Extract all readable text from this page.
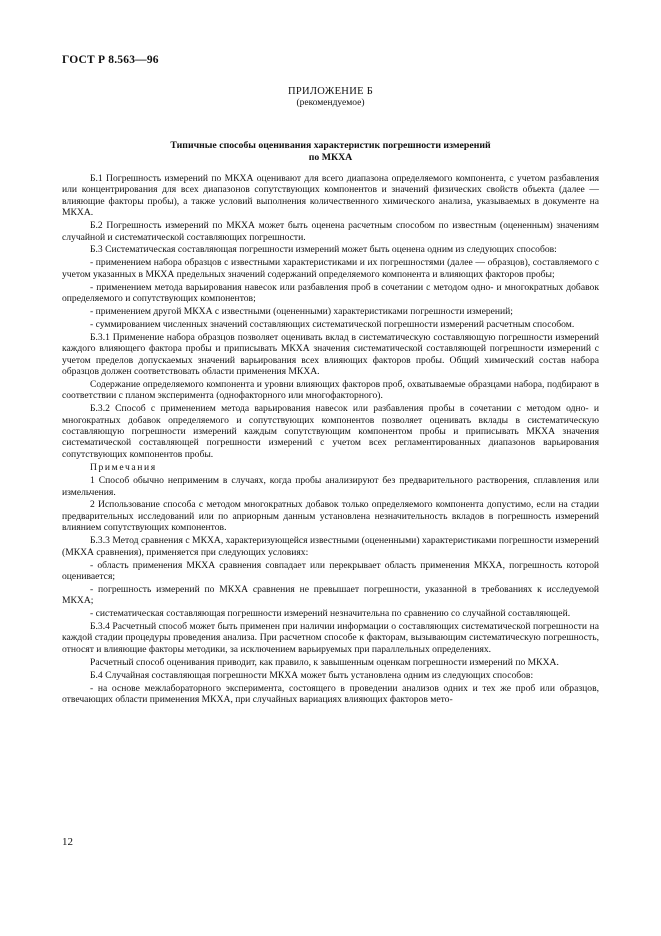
ГОСТ Р 8.563—96
ПРИЛОЖЕНИЕ Б
(рекомендуемое)
Типичные способы оценивания характеристик погрешности измерений
по МКХА

Б.1 Погрешность измерений по МКХА оценивают для всего диапазона определяемого компонента, с учетом разбавления или концентрирования для всех диапазонов сопутствующих компонентов и значений физических свойств объекта (далее — влияющие факторы пробы), а также условий выполнения количественного химического анализа, указываемых в документе на МКХА.

Б.2 Погрешность измерений по МКХА может быть оценена расчетным способом по известным (оцененным) значениям случайной и систематической составляющих погрешности.

Б.3 Систематическая составляющая погрешности измерений может быть оценена одним из следующих способов:

- применением набора образцов с известными характеристиками и их погрешностями (далее — образцов), составляемого с учетом указанных в МКХА предельных значений содержаний определяемого компонента и влияющих факторов пробы;

- применением метода варьирования навесок или разбавления проб в сочетании с методом одно- и многократных добавок определяемого и сопутствующих компонентов;

- применением другой МКХА с известными (оцененными) характеристиками погрешности измерений;

- суммированием численных значений составляющих систематической погрешности измерений расчетным способом.

Б.3.1 Применение набора образцов позволяет оценивать вклад в систематическую составляющую погрешности измерений каждого влияющего фактора пробы и приписывать МКХА значения систематической составляющей погрешности измерений с учетом пределов допускаемых значений варьирования всех влияющих факторов пробы. Общий химический состав набора образцов должен соответствовать области применения МКХА.

Содержание определяемого компонента и уровни влияющих факторов проб, охватываемые образцами набора, подбирают в соответствии с планом эксперимента (однофакторного или многофакторного).

Б.3.2 Способ с применением метода варьирования навесок или разбавления пробы в сочетании с методом одно- и многократных добавок определяемого и сопутствующих компонентов позволяет оценивать вклады в систематическую составляющую погрешности измерений каждым сопутствующим компонентом пробы и приписывать МКХА значения систематической составляющей погрешности измерений с учетом всех регламентированных диапазонов варьирования сопутствующих компонентов пробы.

Примечания

1 Способ обычно неприменим в случаях, когда пробы анализируют без предварительного растворения, сплавления или измельчения.

2 Использование способа с методом многократных добавок только определяемого компонента допустимо, если на стадии предварительных исследований или по априорным данным установлена незначительность вкладов в погрешность измерений влиянием сопутствующих компонентов.

Б.3.3 Метод сравнения с МКХА, характеризующейся известными (оцененными) характеристиками погрешности измерений (МКХА сравнения), применяется при следующих условиях:

- область применения МКХА сравнения совпадает или перекрывает область применения МКХА, погрешность которой оценивается;

- погрешность измерений по МКХА сравнения не превышает погрешности, указанной в требованиях к исследуемой МКХА;

- систематическая составляющая погрешности измерений незначительна по сравнению со случайной составляющей.

Б.3.4 Расчетный способ может быть применен при наличии информации о составляющих систематической погрешности на каждой стадии процедуры проведения анализа. При расчетном способе к факторам, вызывающим систематическую погрешность, относят и влияющие факторы методики, за исключением варьируемых при параллельных определениях.

Расчетный способ оценивания приводит, как правило, к завышенным оценкам погрешности измерений по МКХА.

Б.4 Случайная составляющая погрешности МКХА может быть установлена одним из следующих способов:

- на основе межлабораторного эксперимента, состоящего в проведении анализов одних и тех же проб или образцов, отвечающих области применения МКХА, при случайных вариациях влияющих факторов мето-

12
